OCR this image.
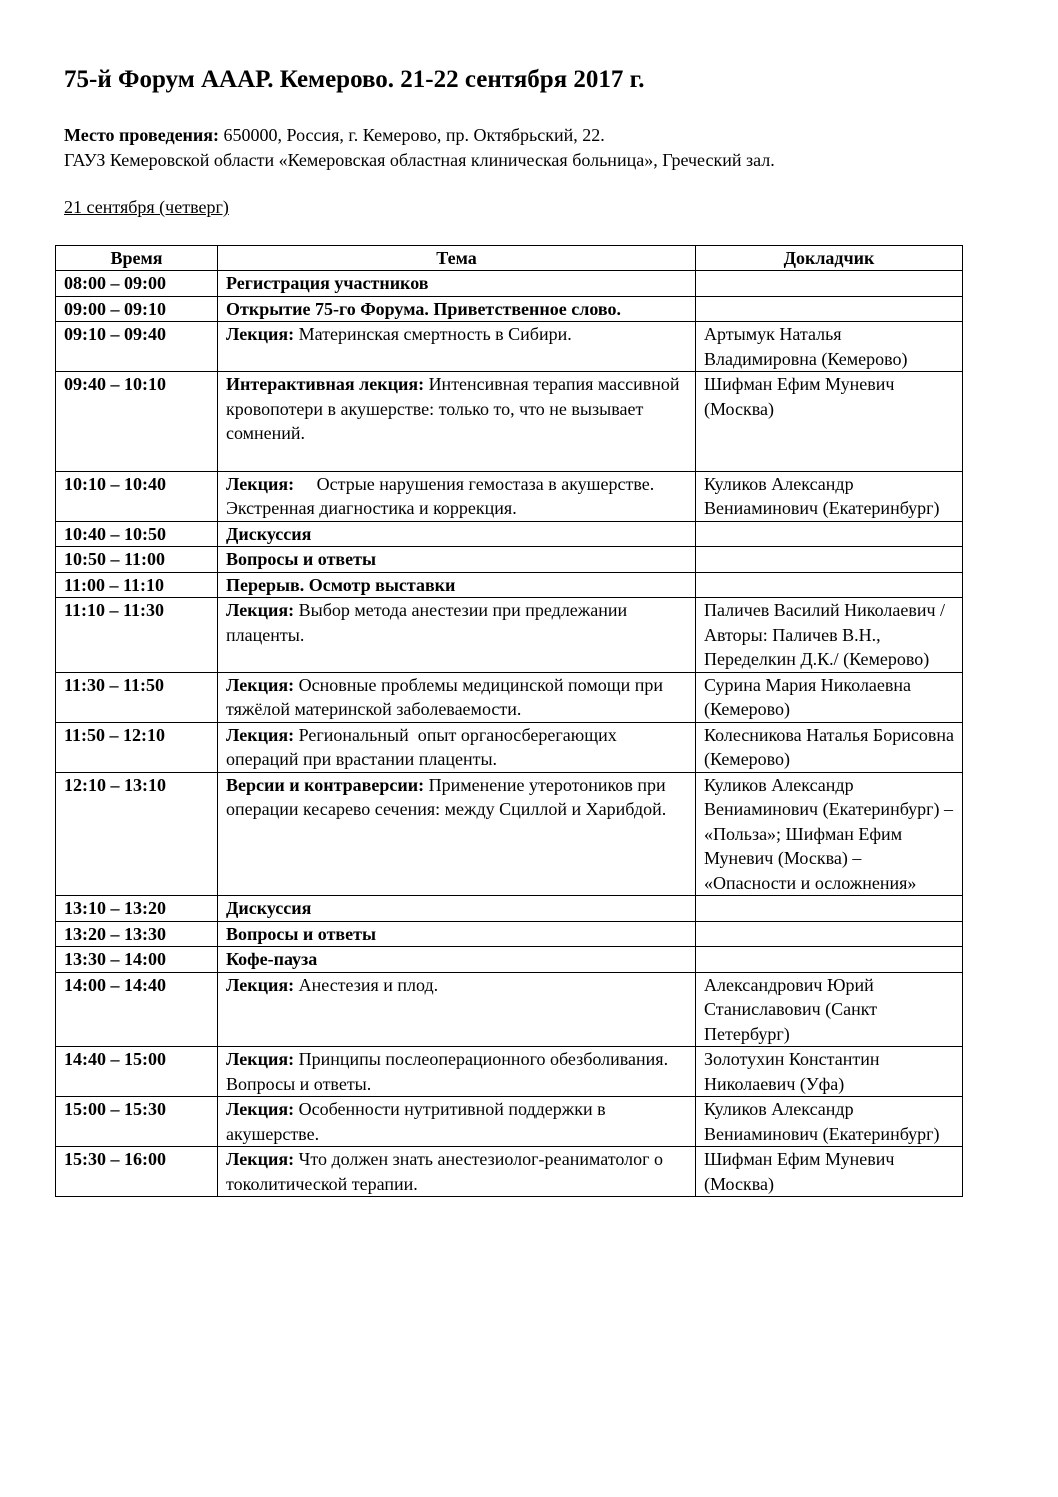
75-й Форум АААР. Кемерово. 21-22 сентября 2017 г.
Место проведения: 650000, Россия, г. Кемерово, пр. Октябрьский, 22.
ГАУЗ Кемеровской области «Кемеровская областная клиническая больница», Греческий зал.
21 сентября (четверг)
Время	Тема	Докладчик
08:00 – 09:00	Регистрация участников	
09:00 – 09:10	Открытие 75-го Форума. Приветственное слово.	
09:10 – 09:40	Лекция: Материнская смертность в Сибири.	Артымук Наталья Владимировна (Кемерово)
09:40 – 10:10	Интерактивная лекция: Интенсивная терапия массивной кровопотери в акушерстве: только то, что не вызывает сомнений.	Шифман Ефим Муневич (Москва)
10:10 – 10:40	Лекция:     Острые нарушения гемостаза в акушерстве. Экстренная диагностика и коррекция.	Куликов Александр Вениаминович (Екатеринбург)
10:40 – 10:50	Дискуссия	
10:50 – 11:00	Вопросы и ответы	
11:00 – 11:10	Перерыв. Осмотр выставки	
11:10 – 11:30	Лекция: Выбор метода анестезии при предлежании плаценты.	Паличев Василий Николаевич /Авторы: Паличев В.Н., Переделкин Д.К./ (Кемерово)
11:30 – 11:50	Лекция: Основные проблемы медицинской помощи при тяжёлой материнской заболеваемости.	Сурина Мария Николаевна (Кемерово)
11:50 – 12:10	Лекция: Региональный  опыт органосберегающих операций при врастании плаценты.	Колесникова Наталья Борисовна (Кемерово)
12:10 – 13:10	Версии и контраверсии: Применение утеротоников при операции кесарево сечения: между Сциллой и Харибдой.	Куликов Александр Вениаминович (Екатеринбург) – «Польза»; Шифман Ефим Муневич (Москва) – «Опасности и осложнения»
13:10 – 13:20	Дискуссия	
13:20 – 13:30	Вопросы и ответы	
13:30 – 14:00	Кофе-пауза	
14:00 – 14:40	Лекция: Анестезия и плод.	Александрович Юрий Станиславович (Санкт Петербург)
14:40 – 15:00	Лекция: Принципы послеоперационного обезболивания. Вопросы и ответы.	Золотухин Константин Николаевич (Уфа)
15:00 – 15:30	Лекция: Особенности нутритивной поддержки в акушерстве.	Куликов Александр Вениаминович (Екатеринбург)
15:30 – 16:00	Лекция: Что должен знать анестезиолог-реаниматолог о токолитической терапии.	Шифман Ефим Муневич (Москва)
